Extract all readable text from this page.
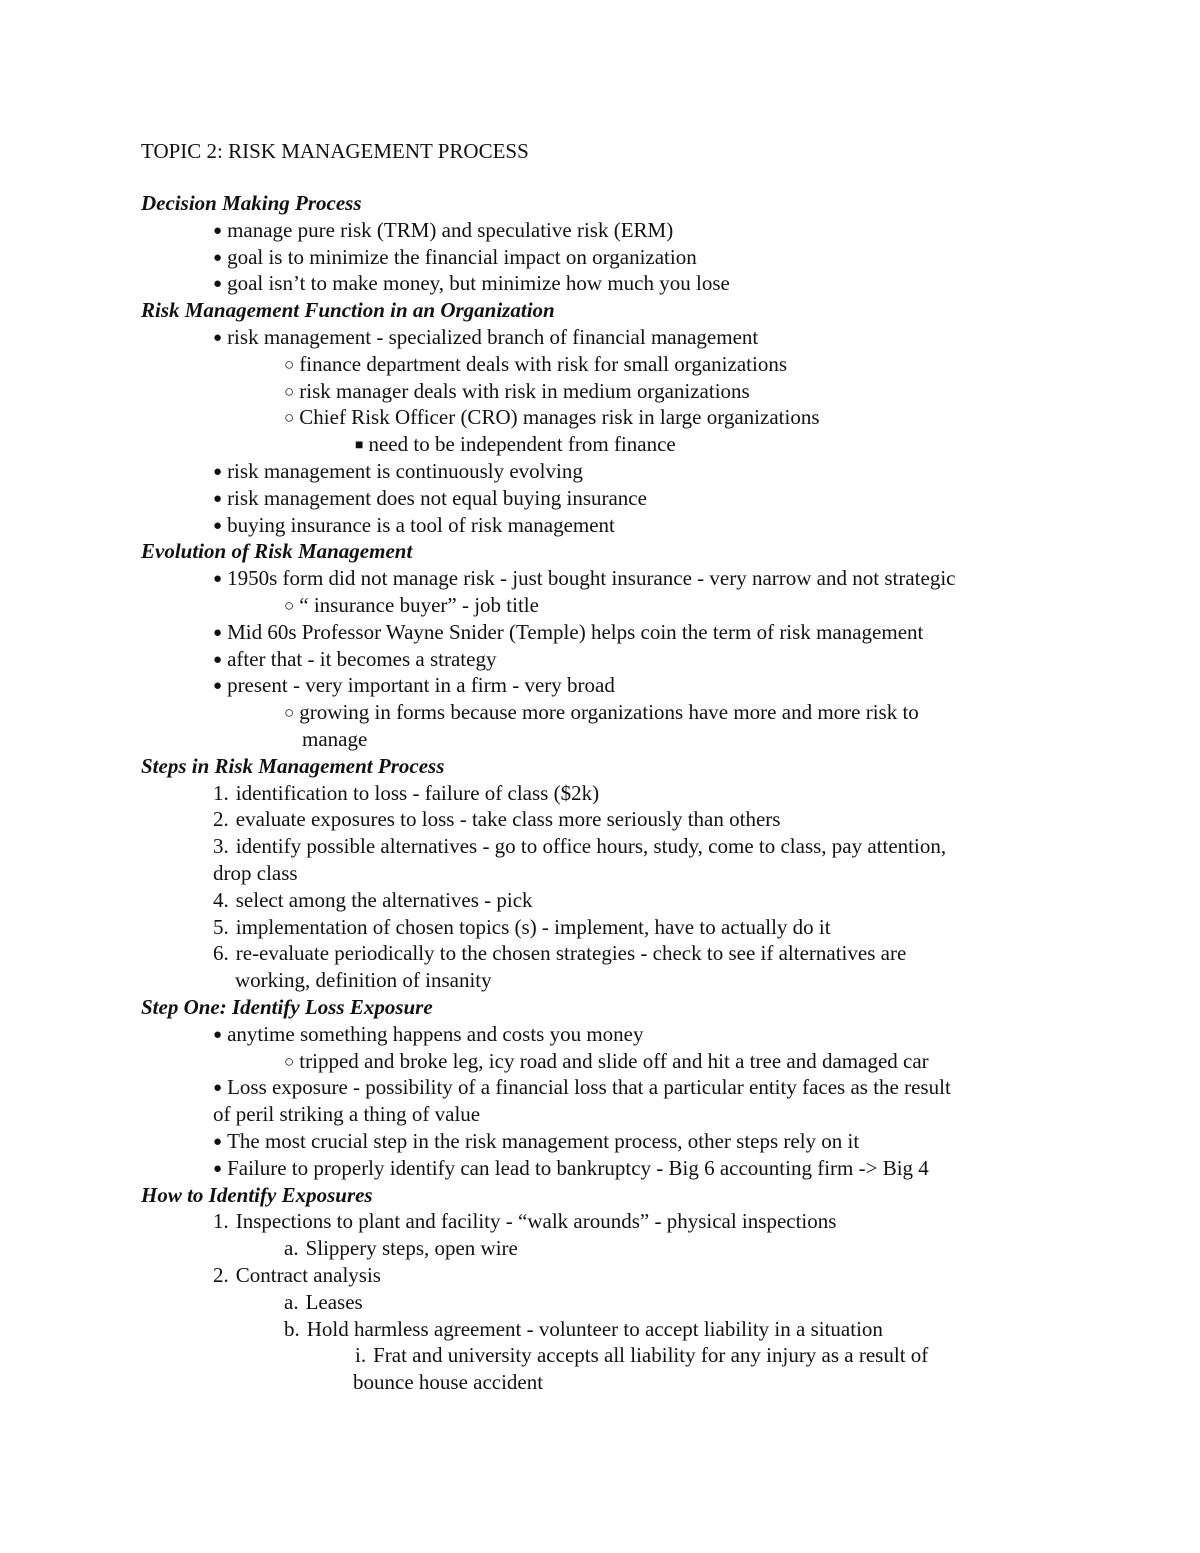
TOPIC 2: RISK MANAGEMENT PROCESS
Decision Making Process
● manage pure risk (TRM) and speculative risk (ERM)
● goal is to minimize the financial impact on organization
● goal isn’t to make money, but minimize how much you lose
Risk Management Function in an Organization
● risk management - specialized branch of financial management
○ finance department deals with risk for small organizations
○ risk manager deals with risk in medium organizations
○ Chief Risk Officer (CRO) manages risk in large organizations
■ need to be independent from finance
● risk management is continuously evolving
● risk management does not equal buying insurance
● buying insurance is a tool of risk management
Evolution of Risk Management
● 1950s form did not manage risk - just bought insurance - very narrow and not strategic
○ “ insurance buyer” - job title
● Mid 60s Professor Wayne Snider (Temple) helps coin the term of risk management
● after that - it becomes a strategy
● present - very important in a firm - very broad
○ growing in forms because more organizations have more and more risk to
manage
Steps in Risk Management Process
1. identification to loss - failure of class ($2k)
2. evaluate exposures to loss - take class more seriously than others
3. identify possible alternatives - go to office hours, study, come to class, pay attention,
drop class
4. select among the alternatives - pick
5. implementation of chosen topics (s) - implement, have to actually do it
6. re-evaluate periodically to the chosen strategies - check to see if alternatives are
working, definition of insanity
Step One: Identify Loss Exposure
● anytime something happens and costs you money
○ tripped and broke leg, icy road and slide off and hit a tree and damaged car
● Loss exposure - possibility of a financial loss that a particular entity faces as the result
of peril striking a thing of value
● The most crucial step in the risk management process, other steps rely on it
● Failure to properly identify can lead to bankruptcy - Big 6 accounting firm -> Big 4
How to Identify Exposures
1. Inspections to plant and facility - “walk arounds” - physical inspections
a. Slippery steps, open wire
2. Contract analysis
a. Leases
b. Hold harmless agreement - volunteer to accept liability in a situation
i. Frat and university accepts all liability for any injury as a result of
bounce house accident
